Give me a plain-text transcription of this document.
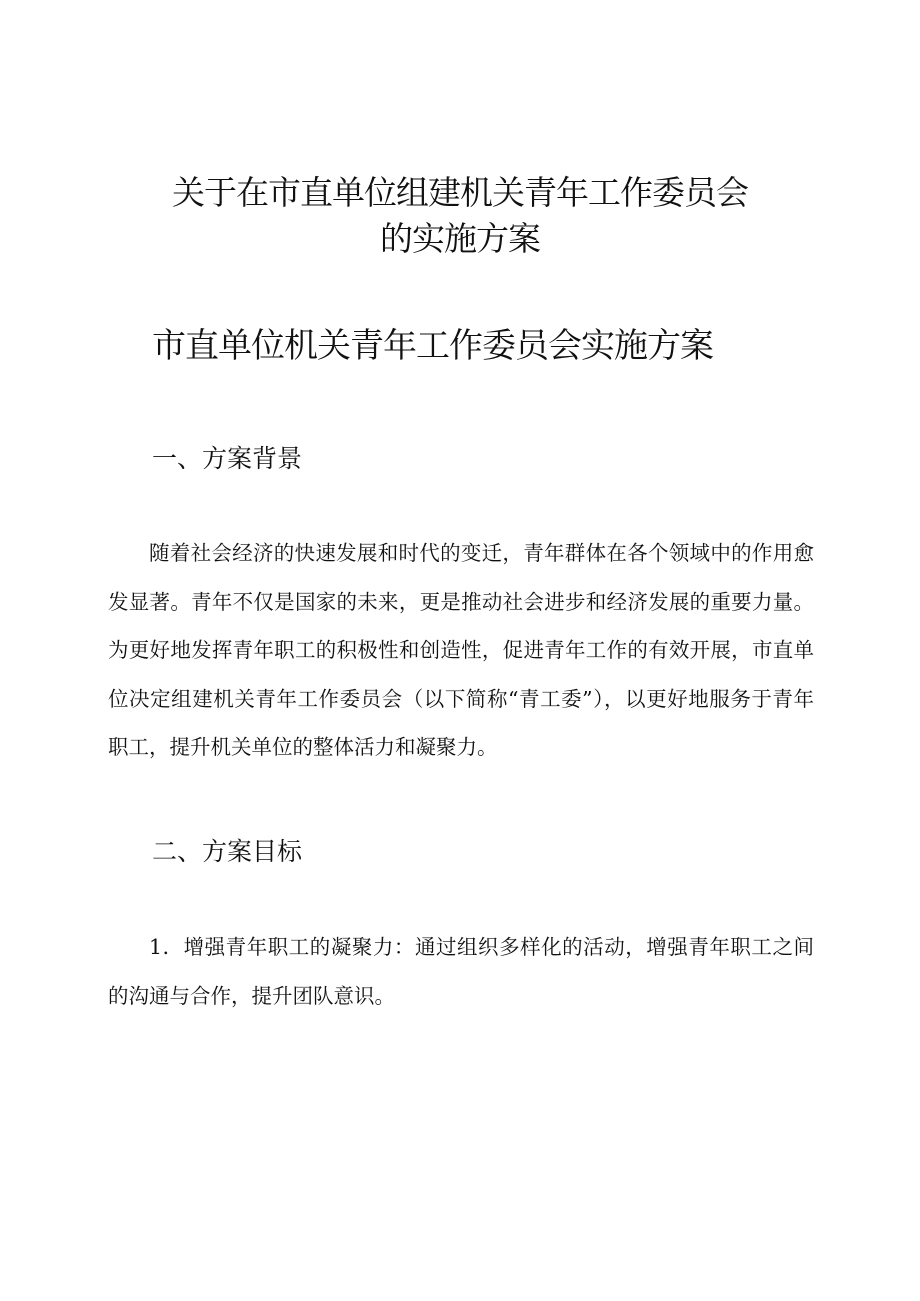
关于在市直单位组建机关青年工作委员会
的实施方案
市直单位机关青年工作委员会实施方案
一、方案背景

随着社会经济的快速发展和时代的变迁，青年群体在各个领域中的作用愈发显著。青年不仅是国家的未来，更是推动社会进步和经济发展的重要力量。为更好地发挥青年职工的积极性和创造性，促进青年工作的有效开展，市直单位决定组建机关青年工作委员会（以下简称“青工委”），以更好地服务于青年职工，提升机关单位的整体活力和凝聚力。

二、方案目标

1．增强青年职工的凝聚力：通过组织多样化的活动，增强青年职工之间的沟通与合作，提升团队意识。
